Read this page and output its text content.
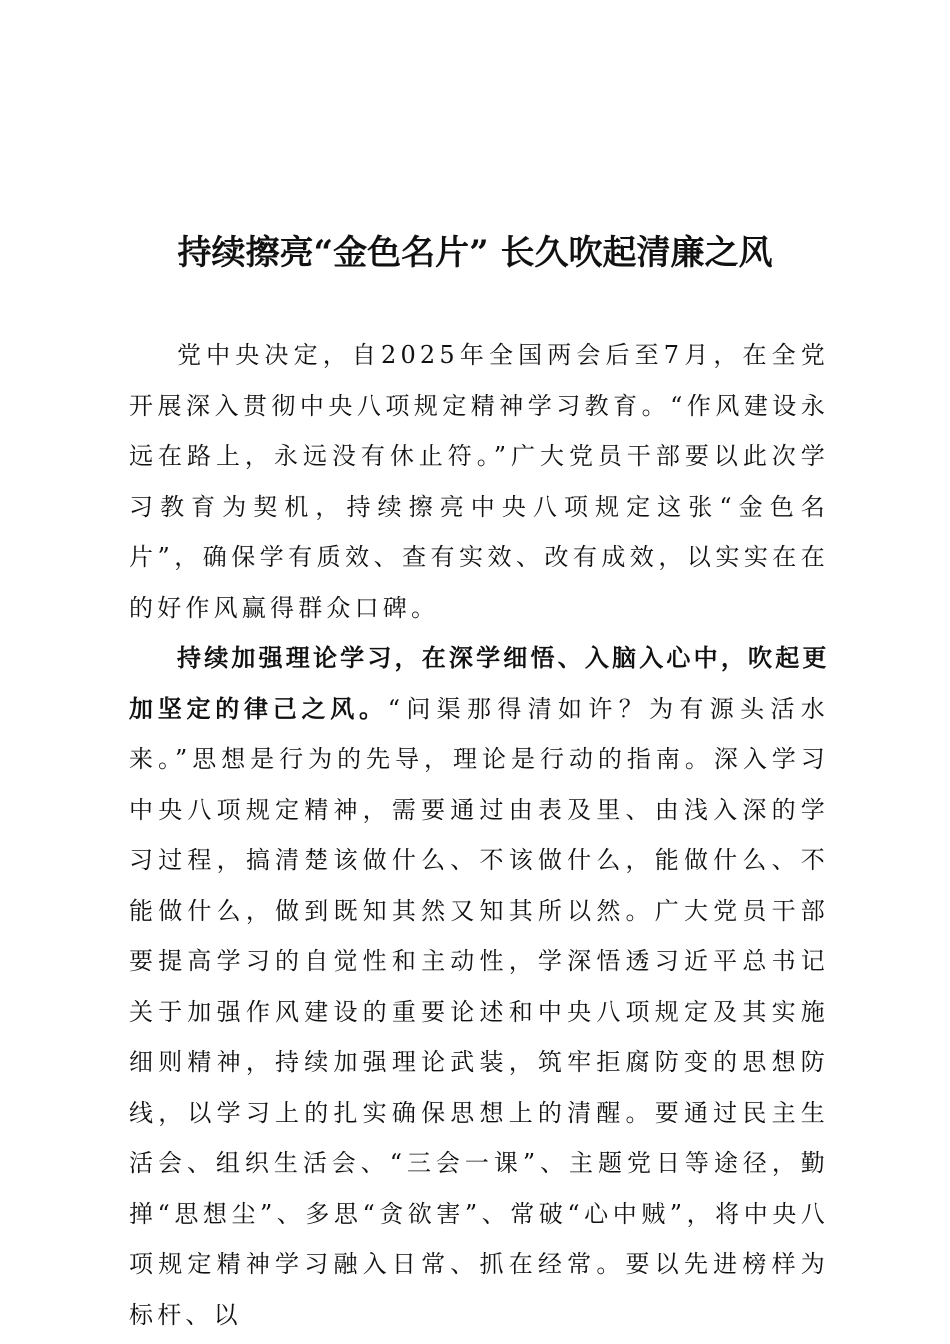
持续擦亮“金色名片” 长久吹起清廉之风

党中央决定，自2025年全国两会后至7月，在全党开展深入贯彻中央八项规定精神学习教育。“作风建设永远在路上，永远没有休止符。”广大党员干部要以此次学习教育为契机，持续擦亮中央八项规定这张“金色名片”，确保学有质效、查有实效、改有成效，以实实在在的好作风赢得群众口碑。

持续加强理论学习，在深学细悟、入脑入心中，吹起更加坚定的律己之风。“问渠那得清如许？为有源头活水来。”思想是行为的先导，理论是行动的指南。深入学习中央八项规定精神，需要通过由表及里、由浅入深的学习过程，搞清楚该做什么、不该做什么，能做什么、不能做什么，做到既知其然又知其所以然。广大党员干部要提高学习的自觉性和主动性，学深悟透习近平总书记关于加强作风建设的重要论述和中央八项规定及其实施细则精神，持续加强理论武装，筑牢拒腐防变的思想防线，以学习上的扎实确保思想上的清醒。要通过民主生活会、组织生活会、“三会一课”、主题党日等途径，勤掸“思想尘”、多思“贪欲害”、常破“心中贼”，将中央八项规定精神学习融入日常、抓在经常。要以先进榜样为标杆、以
